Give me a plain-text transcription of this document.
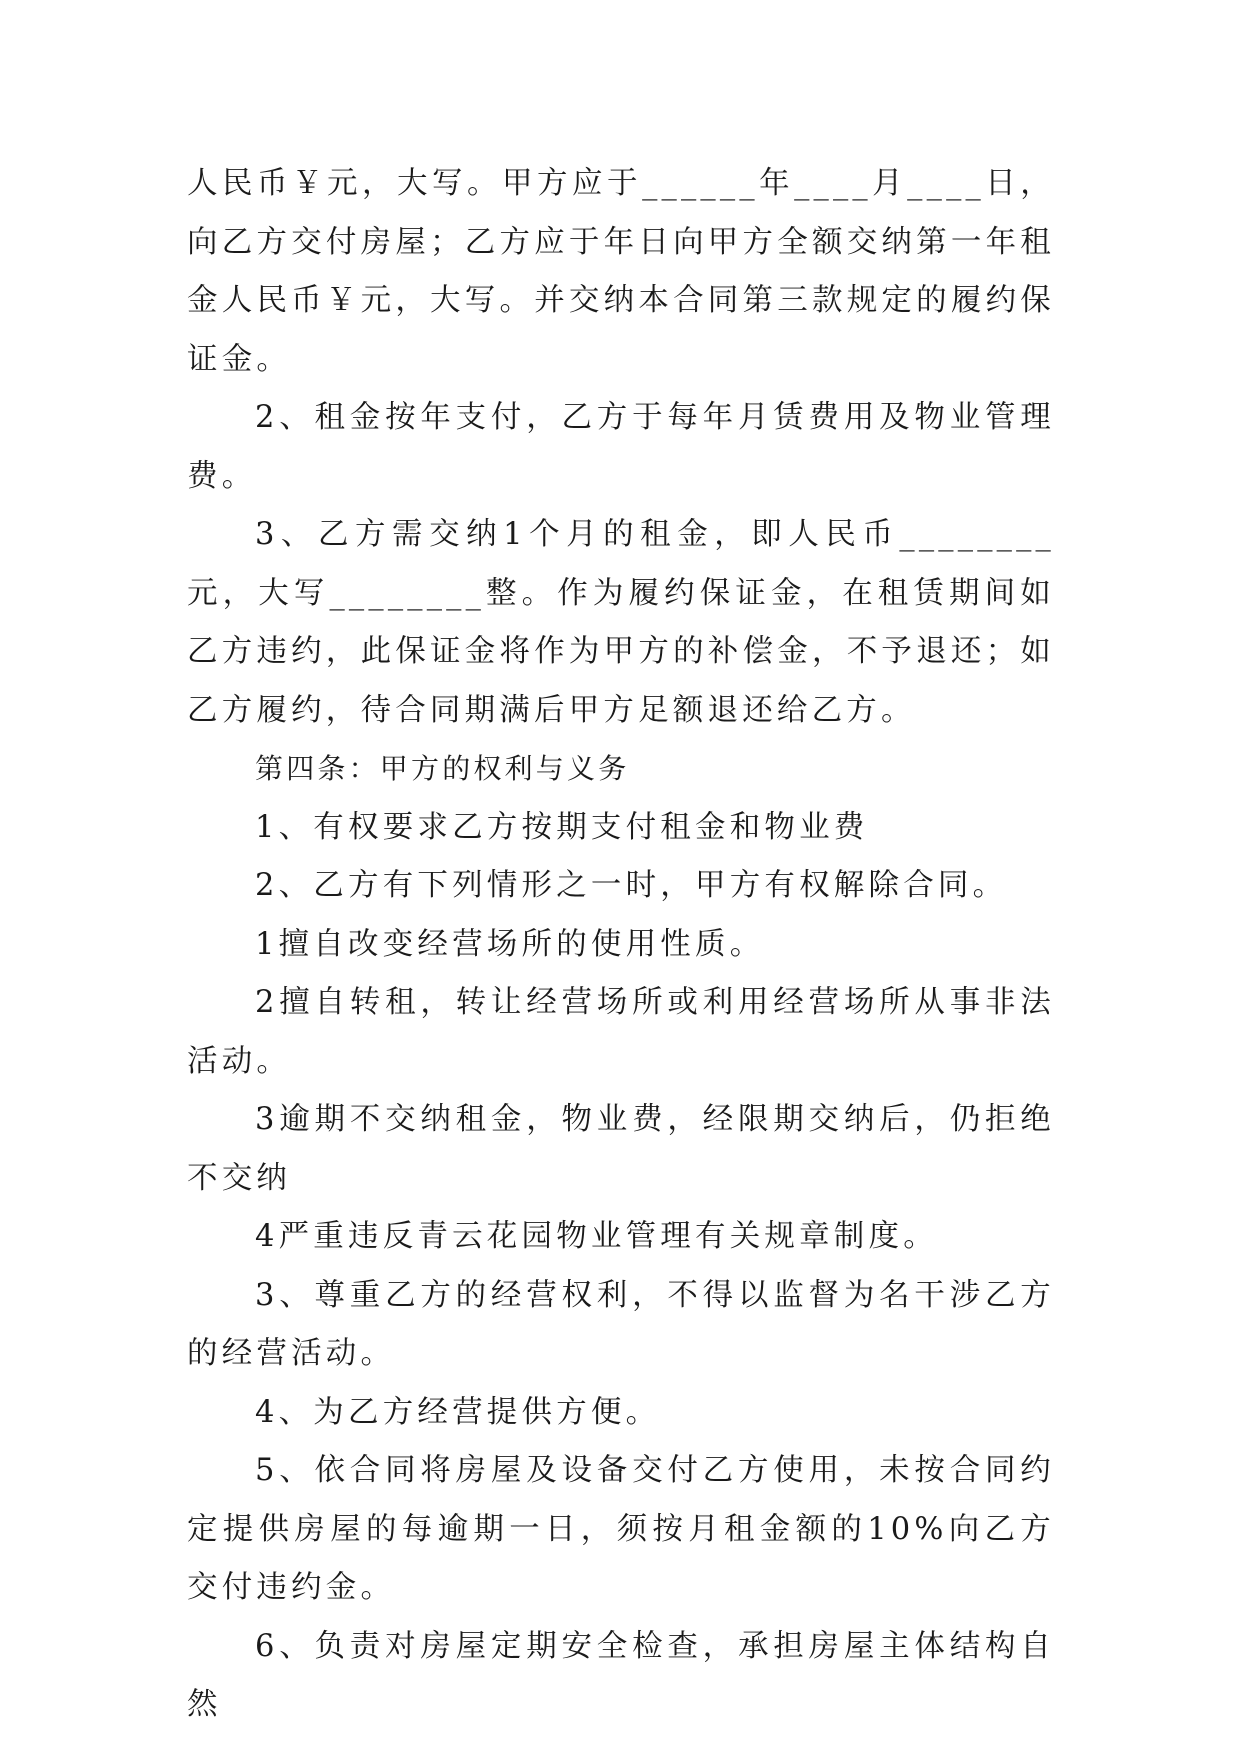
人民币￥元，大写。甲方应于______年____月____日，向乙方交付房屋；乙方应于年日向甲方全额交纳第一年租金人民币￥元，大写。并交纳本合同第三款规定的履约保证金。

2、租金按年支付，乙方于每年月赁费用及物业管理费。

3、乙方需交纳1个月的租金，即人民币________元，大写________整。作为履约保证金，在租赁期间如乙方违约，此保证金将作为甲方的补偿金，不予退还；如乙方履约，待合同期满后甲方足额退还给乙方。

第四条：甲方的权利与义务

1、有权要求乙方按期支付租金和物业费

2、乙方有下列情形之一时，甲方有权解除合同。

1擅自改变经营场所的使用性质。

2擅自转租，转让经营场所或利用经营场所从事非法活动。

3逾期不交纳租金，物业费，经限期交纳后，仍拒绝不交纳

4严重违反青云花园物业管理有关规章制度。

3、尊重乙方的经营权利，不得以监督为名干涉乙方的经营活动。

4、为乙方经营提供方便。

5、依合同将房屋及设备交付乙方使用，未按合同约定提供房屋的每逾期一日，须按月租金额的10%向乙方交付违约金。

6、负责对房屋定期安全检查，承担房屋主体结构自然
